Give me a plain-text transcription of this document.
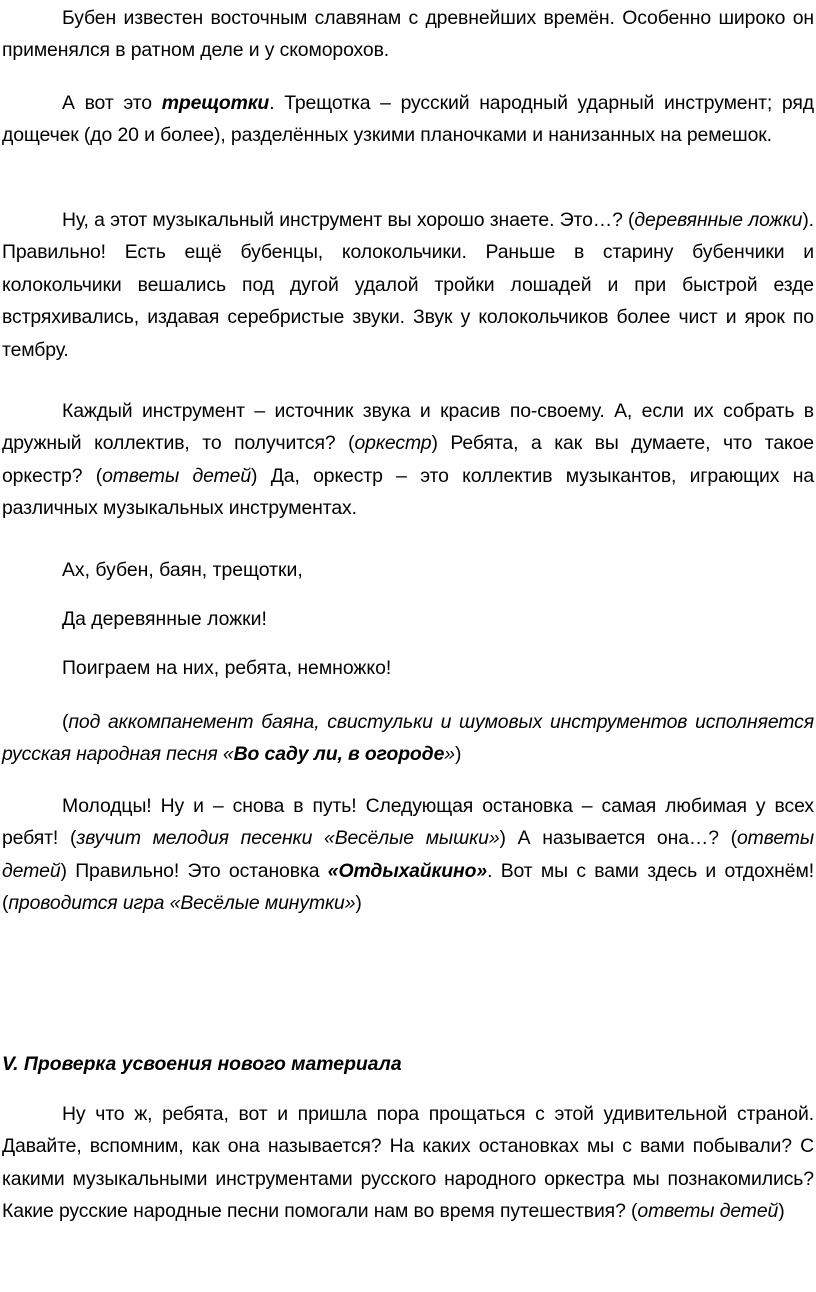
Бубен известен восточным славянам с древнейших времён. Особенно широко он применялся в ратном деле и у скоморохов.

А вот это трещотки. Трещотка – русский народный ударный инструмент; ряд дощечек (до 20 и более), разделённых узкими планочками и нанизанных на ремешок.

Ну, а этот музыкальный инструмент вы хорошо знаете. Это…? (деревянные ложки). Правильно! Есть ещё бубенцы, колокольчики. Раньше в старину бубенчики и колокольчики вешались под дугой удалой тройки лошадей и при быстрой езде встряхивались, издавая серебристые звуки. Звук у колокольчиков более чист и ярок по тембру.

Каждый инструмент – источник звука и красив по-своему. А, если их собрать в дружный коллектив, то получится? (оркестр) Ребята, а как вы думаете, что такое оркестр? (ответы детей) Да, оркестр – это коллектив музыкантов, играющих на различных музыкальных инструментах.

Ах, бубен, баян, трещотки,

Да деревянные ложки!

Поиграем на них, ребята, немножко!

(под аккомпанемент баяна, свистульки и шумовых инструментов исполняется русская народная песня «Во саду ли, в огороде»)

Молодцы! Ну и – снова в путь! Следующая остановка – самая любимая у всех ребят! (звучит мелодия песенки «Весёлые мышки») А называется она…? (ответы детей) Правильно! Это остановка «Отдыхайкино». Вот мы с вами здесь и отдохнём! (проводится игра «Весёлые минутки»)

V. Проверка усвоения нового материала

Ну что ж, ребята, вот и пришла пора прощаться с этой удивительной страной. Давайте, вспомним, как она называется? На каких остановках мы с вами побывали? С какими музыкальными инструментами русского народного оркестра мы познакомились? Какие русские народные песни помогали нам во время путешествия? (ответы детей)
